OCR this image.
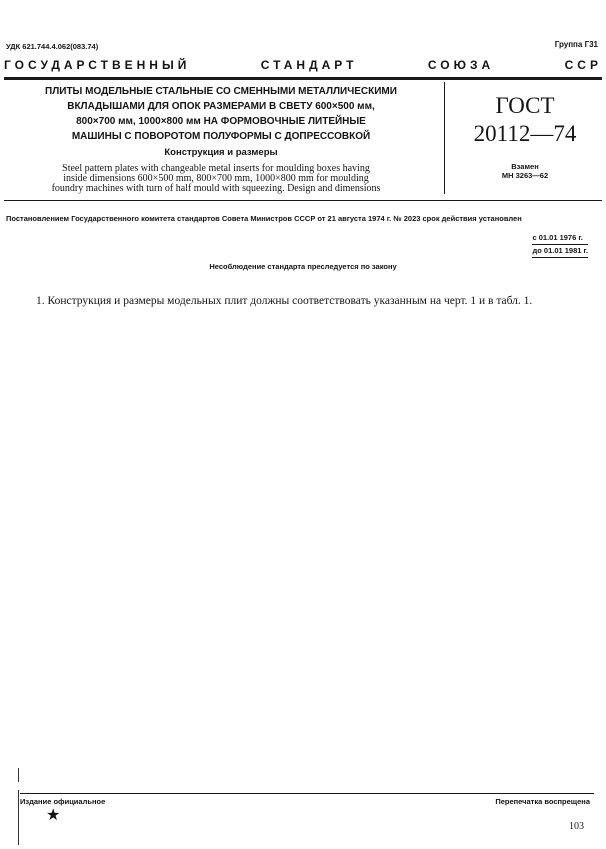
УДК 621.744.4.062(083.74)	Группа Г31
ГОСУДАРСТВЕННЫЙ	СТАНДАРТ	СОЮЗА	ССР
ПЛИТЫ МОДЕЛЬНЫЕ СТАЛЬНЫЕ СО СМЕННЫМИ МЕТАЛЛИЧЕСКИМИ
ВКЛАДЫШАМИ ДЛЯ ОПОК РАЗМЕРАМИ В СВЕТУ 600×500 мм,
800×700 мм, 1000×800 мм НА ФОРМОВОЧНЫЕ ЛИТЕЙНЫЕ
МАШИНЫ С ПОВОРОТОМ ПОЛУФОРМЫ С ДОПРЕССОВКОЙ
Конструкция и размеры
Steel pattern plates with changeable metal inserts for moulding boxes having
inside dimensions 600×500 mm, 800×700 mm, 1000×800 mm for moulding
foundry machines with turn of half mould with squeezing. Design and dimensions
ГОСТ
20112—74
Взамен
МН 3263—62
Постановлением Государственного комитета стандартов Совета Министров СССР от 21 августа 1974 г. № 2023 срок действия установлен
с 01.01 1976 г.
до 01.01 1981 г.
Несоблюдение стандарта преследуется по закону
1. Конструкция и размеры модельных плит должны соответствовать указанным на черт. 1 и в табл. 1.
Издание официальное	Перепечатка воспрещена
★
103
